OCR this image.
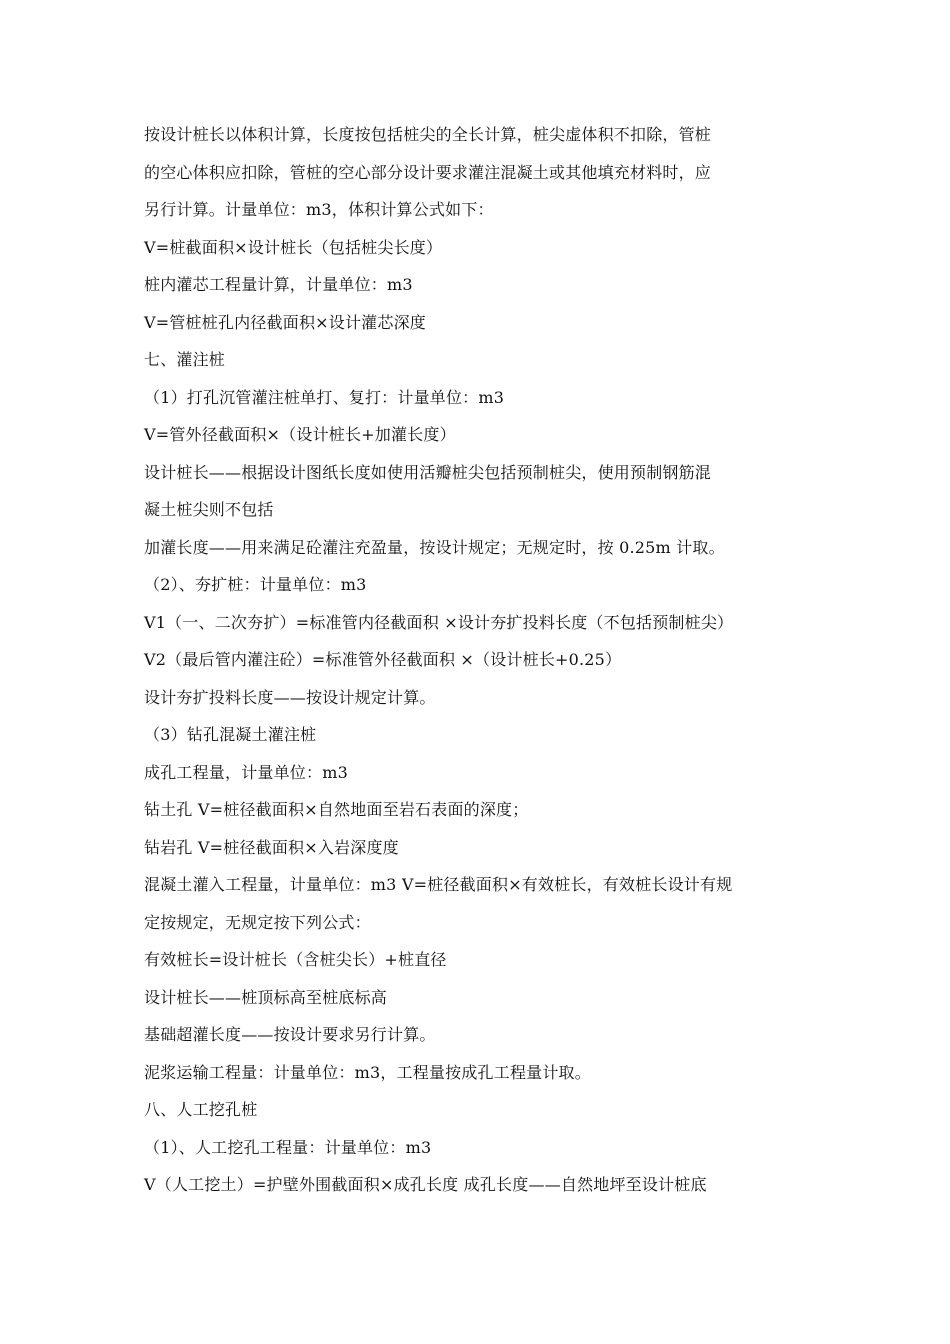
按设计桩长以体积计算，长度按包括桩尖的全长计算，桩尖虚体积不扣除，管桩
的空心体积应扣除，管桩的空心部分设计要求灌注混凝土或其他填充材料时，应
另行计算。计量单位：m3，体积计算公式如下：
V=桩截面积×设计桩长（包括桩尖长度）
桩内灌芯工程量计算，计量单位：m3
V=管桩桩孔内径截面积×设计灌芯深度
七、灌注桩
（1）打孔沉管灌注桩单打、复打：计量单位：m3
V=管外径截面积×（设计桩长+加灌长度）
设计桩长——根据设计图纸长度如使用活瓣桩尖包括预制桩尖，使用预制钢筋混
凝土桩尖则不包括
加灌长度——用来满足砼灌注充盈量，按设计规定；无规定时，按 0.25m 计取。
（2）、夯扩桩：计量单位：m3
V1（一、二次夯扩）=标准管内径截面积 ×设计夯扩投料长度（不包括预制桩尖）
V2（最后管内灌注砼）=标准管外径截面积 ×（设计桩长+0.25）
设计夯扩投料长度——按设计规定计算。
（3）钻孔混凝土灌注桩
成孔工程量，计量单位：m3
钻土孔 V=桩径截面积×自然地面至岩石表面的深度；
钻岩孔 V=桩径截面积×入岩深度度
混凝土灌入工程量，计量单位：m3 V=桩径截面积×有效桩长，有效桩长设计有规
定按规定，无规定按下列公式：
有效桩长=设计桩长（含桩尖长）+桩直径
设计桩长——桩顶标高至桩底标高
基础超灌长度——按设计要求另行计算。
泥浆运输工程量：计量单位：m3，工程量按成孔工程量计取。
八、人工挖孔桩
（1）、人工挖孔工程量：计量单位：m3
V（人工挖土）=护壁外围截面积×成孔长度 成孔长度——自然地坪至设计桩底
